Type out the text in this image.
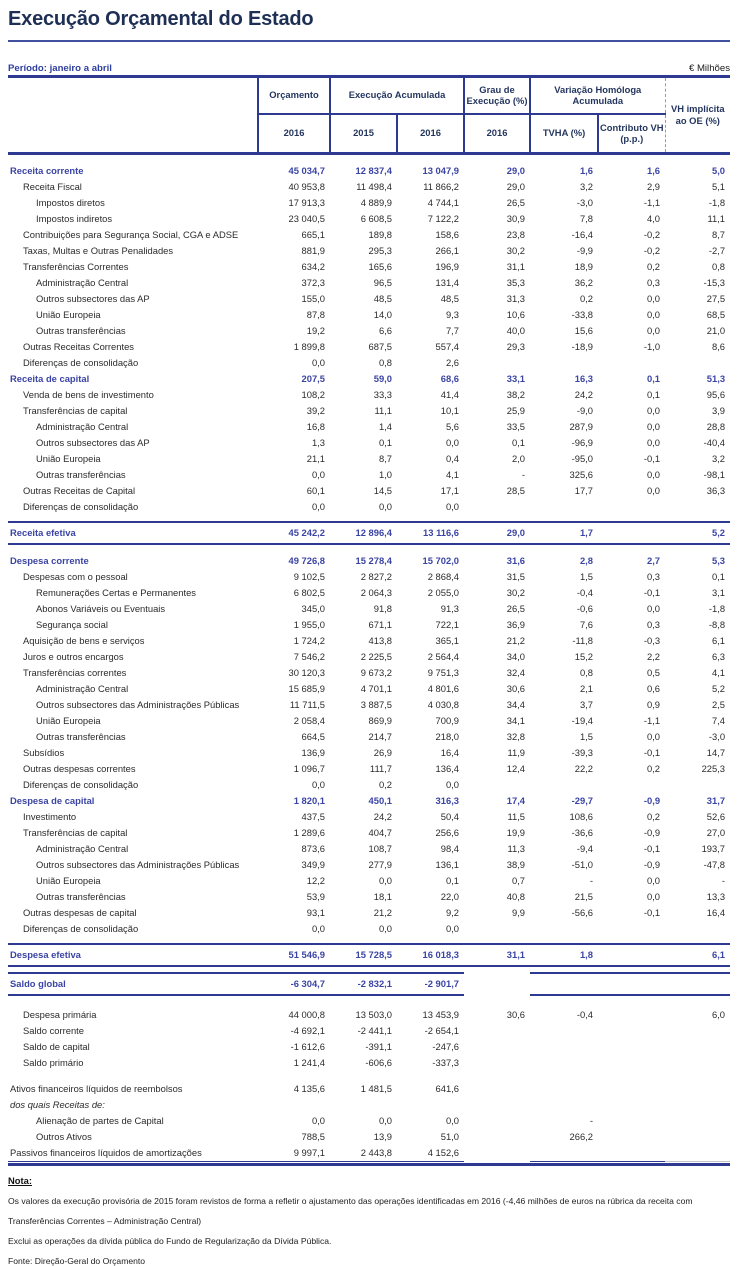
Execução Orçamental do Estado
Período: janeiro a abril	€ Milhões
	Orçamento	Execução Acumulada		Grau de Execução (%)	Variação Homóloga Acumulada		VH implícita ao OE (%)
	2016	2015	2016	2016	TVHA (%)	Contributo VH (p.p.)	

Receita corrente	45 034,7	12 837,4	13 047,9	29,0	1,6	1,6	5,0
Receita Fiscal	40 953,8	11 498,4	11 866,2	29,0	3,2	2,9	5,1
Impostos diretos	17 913,3	4 889,9	4 744,1	26,5	-3,0	-1,1	-1,8
Impostos indiretos	23 040,5	6 608,5	7 122,2	30,9	7,8	4,0	11,1
Contribuições para Segurança Social, CGA e ADSE	665,1	189,8	158,6	23,8	-16,4	-0,2	8,7
Taxas, Multas e Outras Penalidades	881,9	295,3	266,1	30,2	-9,9	-0,2	-2,7
Transferências Correntes	634,2	165,6	196,9	31,1	18,9	0,2	0,8
Administração Central	372,3	96,5	131,4	35,3	36,2	0,3	-15,3
Outros subsectores das AP	155,0	48,5	48,5	31,3	0,2	0,0	27,5
União Europeia	87,8	14,0	9,3	10,6	-33,8	0,0	68,5
Outras transferências	19,2	6,6	7,7	40,0	15,6	0,0	21,0
Outras Receitas Correntes	1 899,8	687,5	557,4	29,3	-18,9	-1,0	8,6
Diferenças de consolidação	0,0	0,8	2,6				
Receita de capital	207,5	59,0	68,6	33,1	16,3	0,1	51,3
Venda de bens de investimento	108,2	33,3	41,4	38,2	24,2	0,1	95,6
Transferências de capital	39,2	11,1	10,1	25,9	-9,0	0,0	3,9
Administração Central	16,8	1,4	5,6	33,5	287,9	0,0	28,8
Outros subsectores das AP	1,3	0,1	0,0	0,1	-96,9	0,0	-40,4
União Europeia	21,1	8,7	0,4	2,0	-95,0	-0,1	3,2
Outras transferências	0,0	1,0	4,1	-	325,6	0,0	-98,1
Outras Receitas de Capital	60,1	14,5	17,1	28,5	17,7	0,0	36,3
Diferenças de consolidação	0,0	0,0	0,0				

Receita efetiva	45 242,2	12 896,4	13 116,6	29,0	1,7		5,2

Despesa corrente	49 726,8	15 278,4	15 702,0	31,6	2,8	2,7	5,3
Despesas com o pessoal	9 102,5	2 827,2	2 868,4	31,5	1,5	0,3	0,1
Remunerações Certas e Permanentes	6 802,5	2 064,3	2 055,0	30,2	-0,4	-0,1	3,1
Abonos Variáveis ou Eventuais	345,0	91,8	91,3	26,5	-0,6	0,0	-1,8
Segurança social	1 955,0	671,1	722,1	36,9	7,6	0,3	-8,8
Aquisição de bens e serviços	1 724,2	413,8	365,1	21,2	-11,8	-0,3	6,1
Juros e outros encargos	7 546,2	2 225,5	2 564,4	34,0	15,2	2,2	6,3
Transferências correntes	30 120,3	9 673,2	9 751,3	32,4	0,8	0,5	4,1
Administração Central	15 685,9	4 701,1	4 801,6	30,6	2,1	0,6	5,2
Outros subsectores das Administrações Públicas	11 711,5	3 887,5	4 030,8	34,4	3,7	0,9	2,5
União Europeia	2 058,4	869,9	700,9	34,1	-19,4	-1,1	7,4
Outras transferências	664,5	214,7	218,0	32,8	1,5	0,0	-3,0
Subsídios	136,9	26,9	16,4	11,9	-39,3	-0,1	14,7
Outras despesas correntes	1 096,7	111,7	136,4	12,4	22,2	0,2	225,3
Diferenças de consolidação	0,0	0,2	0,0				
Despesa de capital	1 820,1	450,1	316,3	17,4	-29,7	-0,9	31,7
Investimento	437,5	24,2	50,4	11,5	108,6	0,2	52,6
Transferências de capital	1 289,6	404,7	256,6	19,9	-36,6	-0,9	27,0
Administração Central	873,6	108,7	98,4	11,3	-9,4	-0,1	193,7
Outros subsectores das Administrações Públicas	349,9	277,9	136,1	38,9	-51,0	-0,9	-47,8
União Europeia	12,2	0,0	0,1	0,7	-	0,0	-
Outras transferências	53,9	18,1	22,0	40,8	21,5	0,0	13,3
Outras despesas de capital	93,1	21,2	9,2	9,9	-56,6	-0,1	16,4
Diferenças de consolidação	0,0	0,0	0,0				

Despesa efetiva	51 546,9	15 728,5	16 018,3	31,1	1,8		6,1

Saldo global	-6 304,7	-2 832,1	-2 901,7				

Despesa primária	44 000,8	13 503,0	13 453,9	30,6	-0,4		6,0
Saldo corrente	-4 692,1	-2 441,1	-2 654,1				
Saldo de capital	-1 612,6	-391,1	-247,6				
Saldo primário	1 241,4	-606,6	-337,3				

Ativos financeiros líquidos de reembolsos	4 135,6	1 481,5	641,6				
dos quais Receitas de:							
Alienação de partes de Capital	0,0	0,0	0,0		-		
Outros Ativos	788,5	13,9	51,0		266,2		
Passivos financeiros líquidos de amortizações	9 997,1	2 443,8	4 152,6				
Nota:
Os valores da execução provisória de 2015 foram revistos de forma a refletir o ajustamento das operações identificadas em 2016 (-4,46 milhões de euros na rúbrica da receita com
Transferências Correntes – Administração Central)
Exclui as operações da dívida pública do Fundo de Regularização da Dívida Pública.
Fonte: Direção-Geral do Orçamento
